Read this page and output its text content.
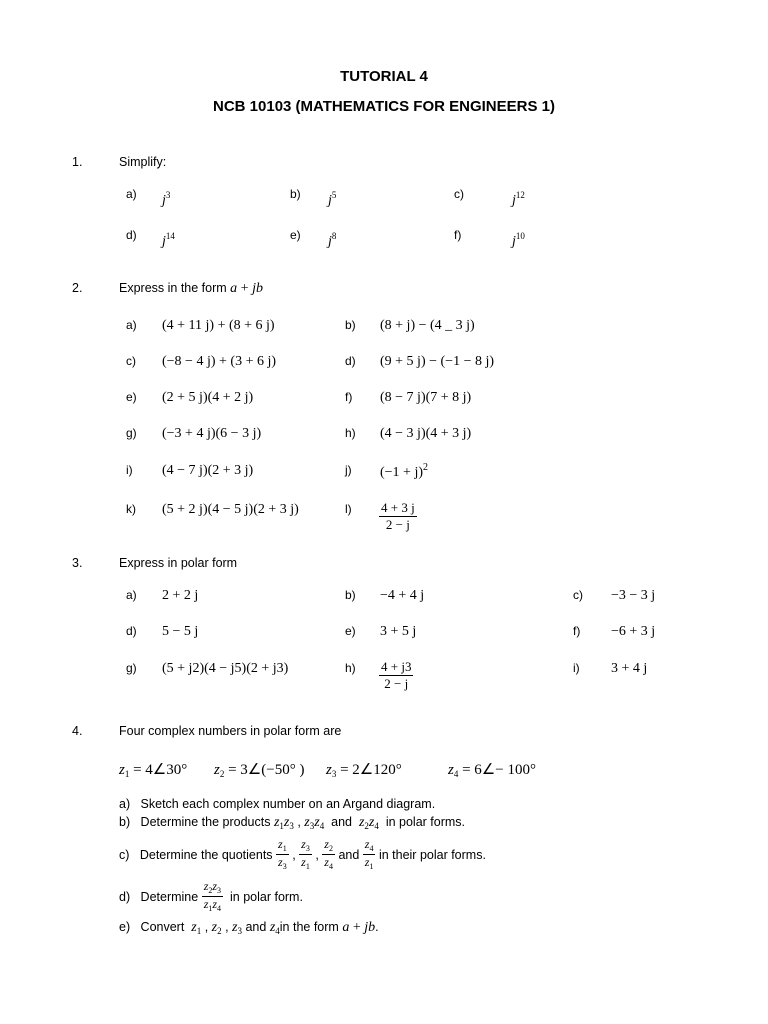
TUTORIAL 4
NCB 10103 (MATHEMATICS FOR ENGINEERS 1)
1.	Simplify:
a) $j^3$	b) $j^5$	c)	$j^{12}$
d) $j^{14}$	e) $j^8$	f)	$j^{10}$
2.	Express in the form a + jb
a) (4 + 11 j) + (8 + 6 j)	b) (8 + j) − (4 _ 3 j)
c) (−8 − 4 j) + (3 + 6 j)	d) (9 + 5 j) − (−1 − 8 j)
e) (2 + 5 j)(4 + 2 j)	f) (8 − 7 j)(7 + 8 j)
g) (−3 + 4 j)(6 − 3 j)	h) (4 − 3 j)(4 + 3 j)
i) (4 − 7 j)(2 + 3 j)	j) $(-1 + j)^2$
k) (5 + 2 j)(4 − 5 j)(2 + 3 j)	$l) \frac{4 + 3 j}{2 - j}$
3.	Express in polar form
a) 2 + 2 j	b) −4 + 4 j	c) −3 − 3 j
d) 5 − 5 j	e) 3 + 5 j	f) −6 + 3 j
g) (5 + j2)(4 − j5)(2 + j3)	$h) \frac{4 + j3}{2 - j}$	i) 3 + 4 j
4.	Four complex numbers in polar form are
$z_1$ = 4∠30° $z_2$ = 3∠(−50° ) $z_3$ = 2∠120°	$z_4$ = 6∠− 100°
a) Sketch each complex number on an Argand diagram.
b) Determine the products $z_1z_3$ , $z_3z_4$ and $z_2z_4$ in polar forms.
c) Determine the quotients $\frac{z_1}{z_3}$ , $\frac{z_3}{z_1}$ , $\frac{z_2}{z_4}$ and $\frac{z_4}{z_1}$ in their polar forms.
d) Determine $\frac{z_2z_3}{z_1z_4}$ in polar form.
e) Convert $z_1$ , $z_2$ , $z_3$ and $z_4in$ the form a + jb.
